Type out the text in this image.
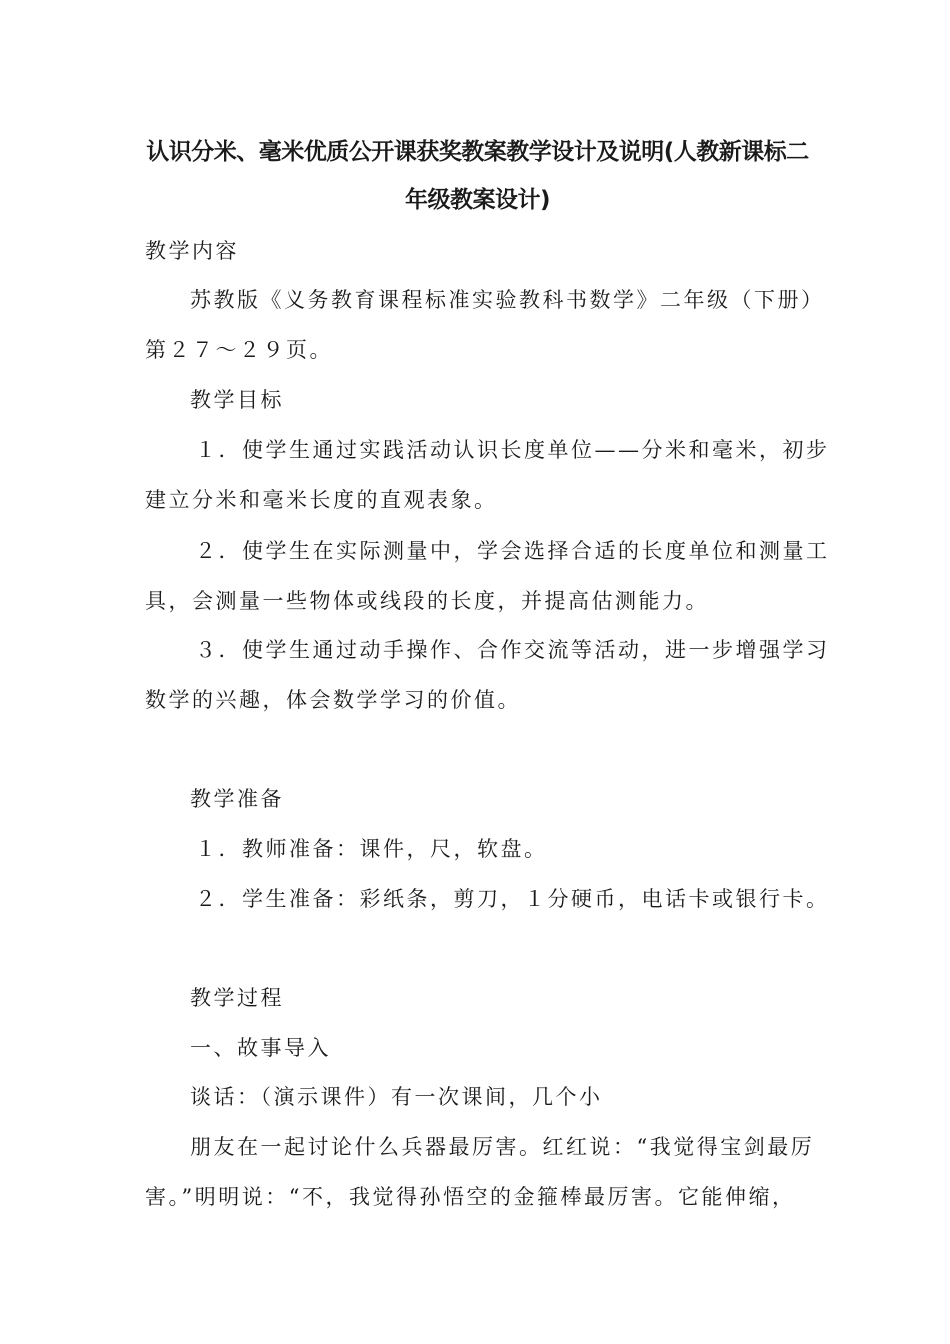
认识分米、毫米优质公开课获奖教案教学设计及说明(人教新课标二
年级教案设计)
教学内容
苏教版《义务教育课程标准实验教科书数学》二年级（下册）
第２７～２９页。
教学目标
１．使学生通过实践活动认识长度单位——分米和毫米，初步
建立分米和毫米长度的直观表象。
２．使学生在实际测量中，学会选择合适的长度单位和测量工
具，会测量一些物体或线段的长度，并提高估测能力。
３．使学生通过动手操作、合作交流等活动，进一步增强学习
数学的兴趣，体会数学学习的价值。
教学准备
１．教师准备：课件，尺，软盘。
２．学生准备：彩纸条，剪刀，１分硬币，电话卡或银行卡。
教学过程
一、故事导入
谈话：（演示课件）有一次课间，几个小
朋友在一起讨论什么兵器最厉害。红红说：“我觉得宝剑最厉
害。”明明说：“不，我觉得孙悟空的金箍棒最厉害。它能伸缩，
